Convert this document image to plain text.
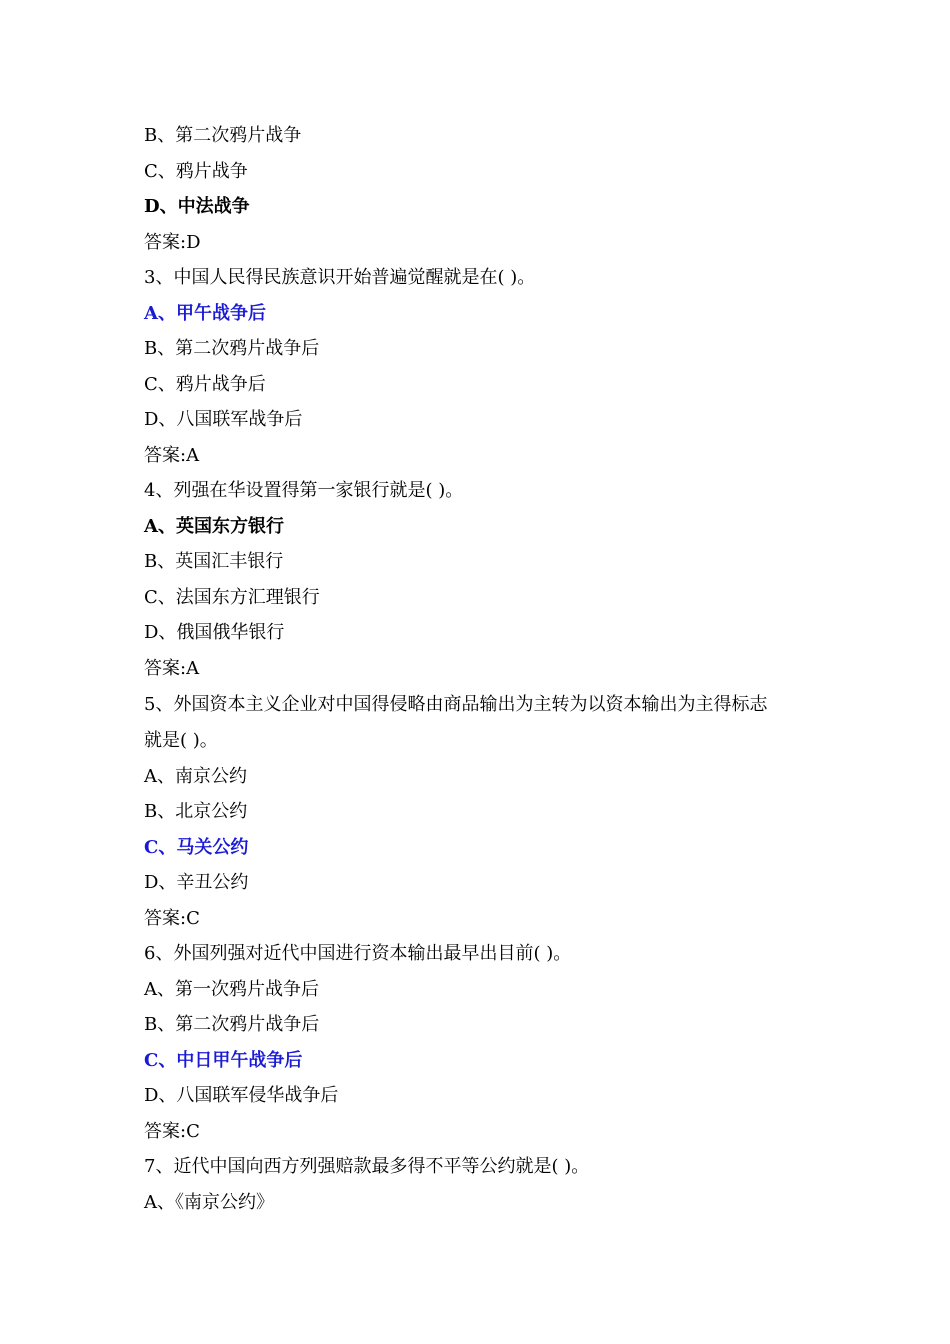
B、第二次鸦片战争
C、鸦片战争
D、中法战争
答案:D
3、中国人民得民族意识开始普遍觉醒就是在( )。
A、甲午战争后
B、第二次鸦片战争后
C、鸦片战争后
D、八国联军战争后
答案:A
4、列强在华设置得第一家银行就是( )。
A、英国东方银行
B、英国汇丰银行
C、法国东方汇理银行
D、俄国俄华银行
答案:A
5、外国资本主义企业对中国得侵略由商品输出为主转为以资本输出为主得标志
就是( )。
A、南京公约
B、北京公约
C、马关公约
D、辛丑公约
答案:C
6、外国列强对近代中国进行资本输出最早出目前( )。
A、第一次鸦片战争后
B、第二次鸦片战争后
C、中日甲午战争后
D、八国联军侵华战争后
答案:C
7、近代中国向西方列强赔款最多得不平等公约就是( )。
A、《南京公约》
